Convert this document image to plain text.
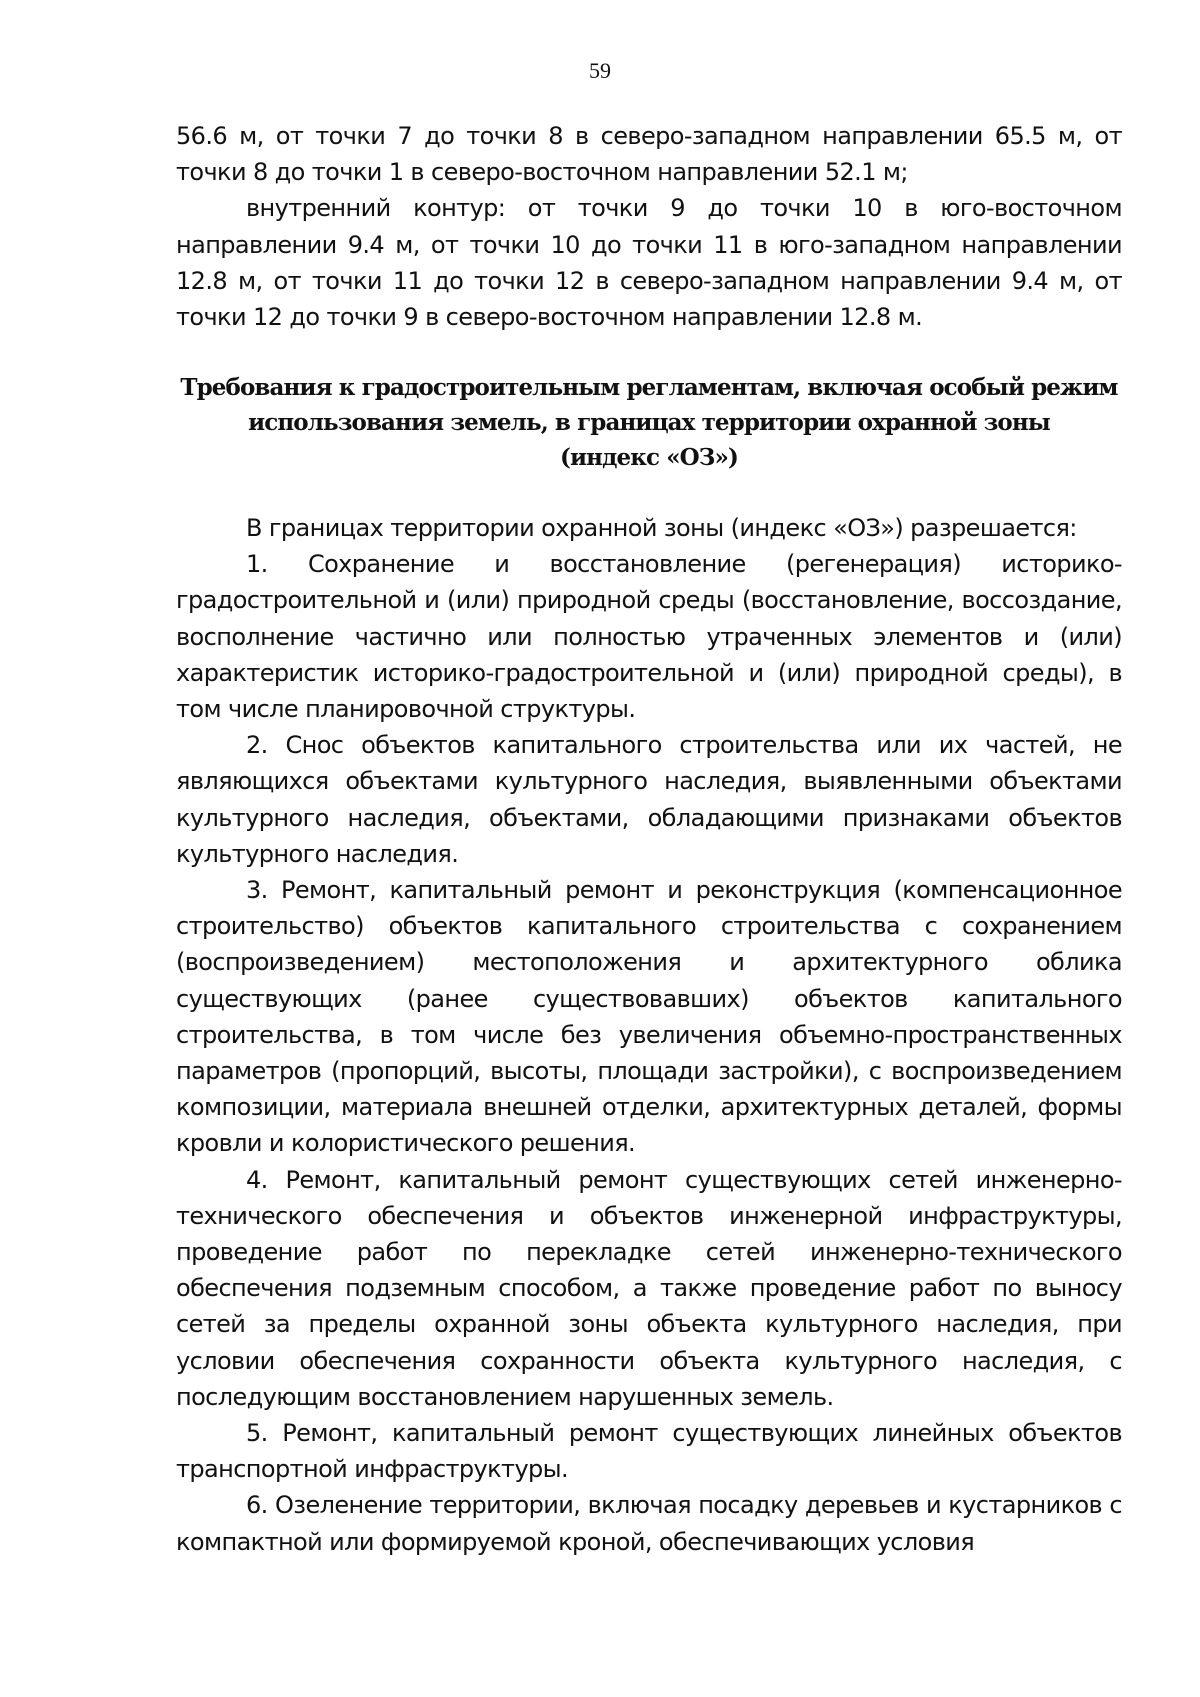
59

56.6 м, от точки 7 до точки 8 в северо-западном направлении 65.5 м, от точки 8 до точки 1 в северо-восточном направлении 52.1 м;

внутренний контур: от точки 9 до точки 10 в юго-восточном направлении 9.4 м, от точки 10 до точки 11 в юго-западном направлении 12.8 м, от точки 11 до точки 12 в северо-западном направлении 9.4 м, от точки 12 до точки 9 в северо-восточном направлении 12.8 м.

Требования к градостроительным регламентам, включая особый режим
использования земель, в границах территории охранной зоны
(индекс «ОЗ»)

В границах территории охранной зоны (индекс «ОЗ») разрешается:

1. Сохранение и восстановление (регенерация) историко-градостроительной и (или) природной среды (восстановление, воссоздание, восполнение частично или полностью утраченных элементов и (или) характеристик историко-градостроительной и (или) природной среды), в том числе планировочной структуры.

2. Снос объектов капитального строительства или их частей, не являющихся объектами культурного наследия, выявленными объектами культурного наследия, объектами, обладающими признаками объектов культурного наследия.

3. Ремонт, капитальный ремонт и реконструкция (компенсационное строительство) объектов капитального строительства с сохранением (воспроизведением) местоположения и архитектурного облика существующих (ранее существовавших) объектов капитального строительства, в том числе без увеличения объемно-пространственных параметров (пропорций, высоты, площади застройки), с воспроизведением композиции, материала внешней отделки, архитектурных деталей, формы кровли и колористического решения.

4. Ремонт, капитальный ремонт существующих сетей инженерно-технического обеспечения и объектов инженерной инфраструктуры, проведение работ по перекладке сетей инженерно-технического обеспечения подземным способом, а также проведение работ по выносу сетей за пределы охранной зоны объекта культурного наследия, при условии обеспечения сохранности объекта культурного наследия, с последующим восстановлением нарушенных земель.

5. Ремонт, капитальный ремонт существующих линейных объектов транспортной инфраструктуры.

6. Озеленение территории, включая посадку деревьев и кустарников с компактной или формируемой кроной, обеспечивающих условия
